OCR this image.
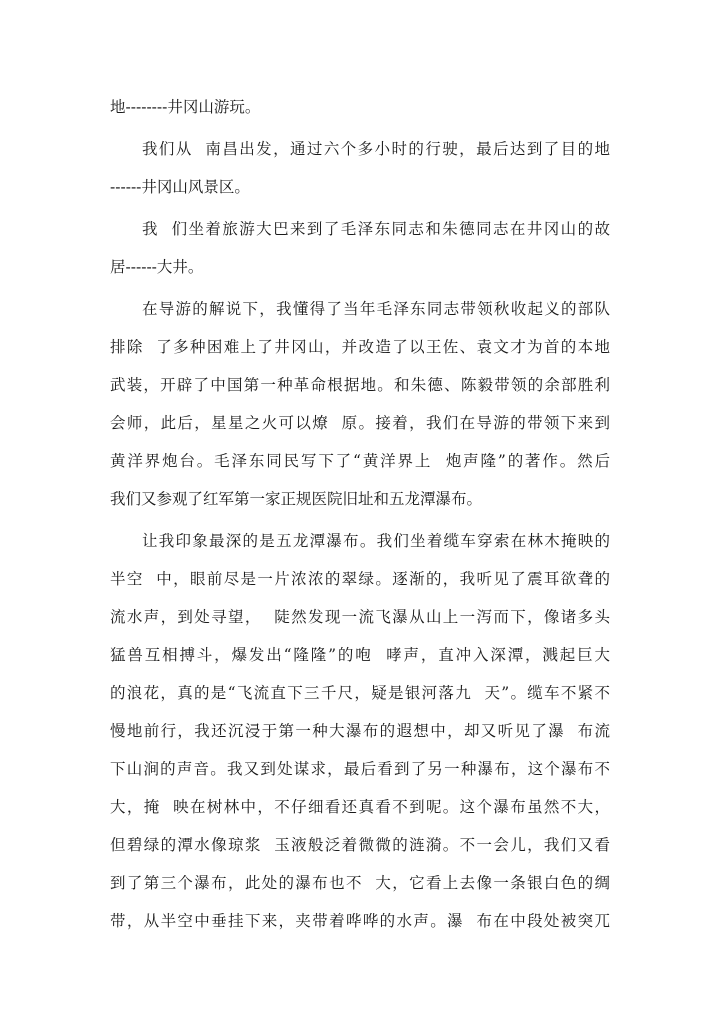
地--------井冈山游玩。
我们从  南昌出发，通过六个多小时的行驶，最后达到了目的地
------井冈山风景区。
我  们坐着旅游大巴来到了毛泽东同志和朱德同志在井冈山的故
居------大井。
在导游的解说下，我懂得了当年毛泽东同志带领秋收起义的部队
排除  了多种困难上了井冈山，并改造了以王佐、袁文才为首的本地
武装，开辟了中国第一种革命根据地。和朱德、陈毅带领的余部胜利
会师，此后，星星之火可以燎  原。接着，我们在导游的带领下来到
黄洋界炮台。毛泽东同民写下了“黄洋界上  炮声隆”的著作。然后
我们又参观了红军第一家正规医院旧址和五龙潭瀑布。
让我印象最深的是五龙潭瀑布。我们坐着缆车穿索在林木掩映的
半空  中，眼前尽是一片浓浓的翠绿。逐渐的，我听见了震耳欲聋的
流水声，到处寻望，  陡然发现一流飞瀑从山上一泻而下，像诸多头
猛兽互相搏斗，爆发出“隆隆”的咆  哮声，直冲入深潭，溅起巨大
的浪花，真的是“飞流直下三千尺，疑是银河落九  天”。缆车不紧不
慢地前行，我还沉浸于第一种大瀑布的遐想中，却又听见了瀑  布流
下山涧的声音。我又到处谋求，最后看到了另一种瀑布，这个瀑布不
大，掩  映在树林中，不仔细看还真看不到呢。这个瀑布虽然不大，
但碧绿的潭水像琼浆  玉液般泛着微微的涟漪。不一会儿，我们又看
到了第三个瀑布，此处的瀑布也不  大，它看上去像一条银白色的绸
带，从半空中垂挂下来，夹带着哗哗的水声。瀑  布在中段处被突兀
